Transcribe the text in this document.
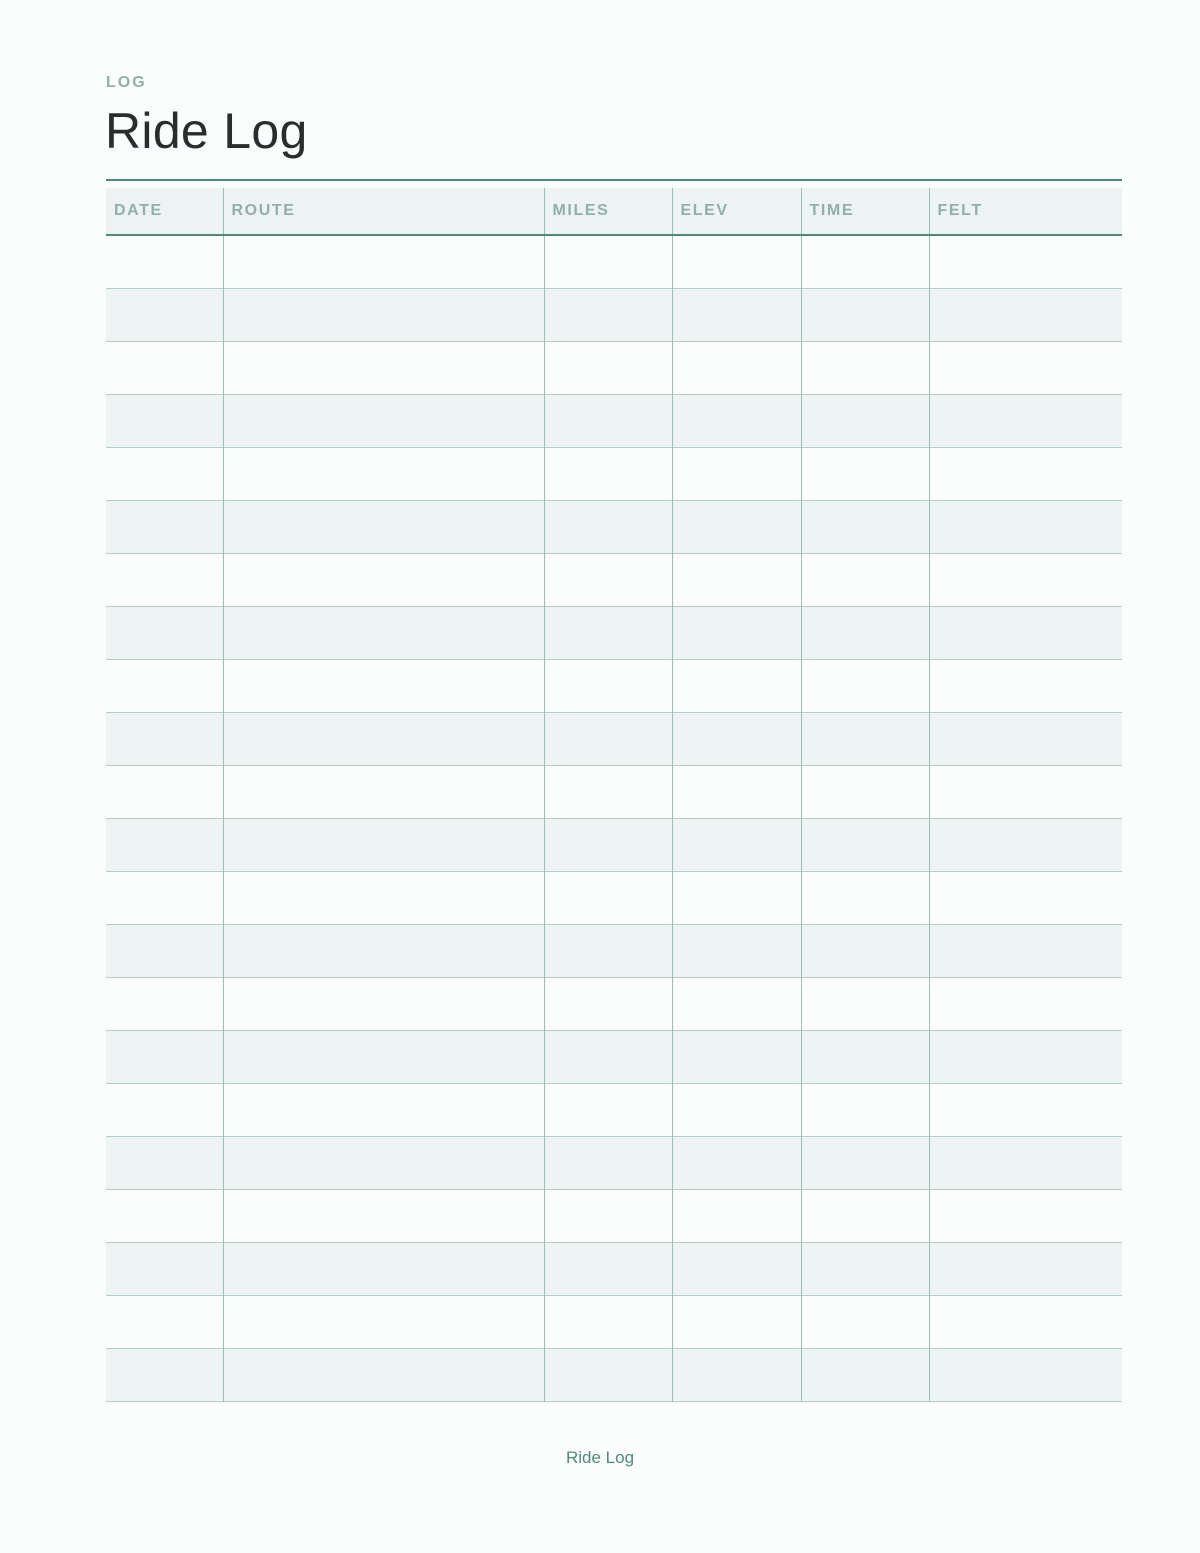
LOG
Ride Log
DATE	ROUTE	MILES	ELEV	TIME	FELT

Ride Log
